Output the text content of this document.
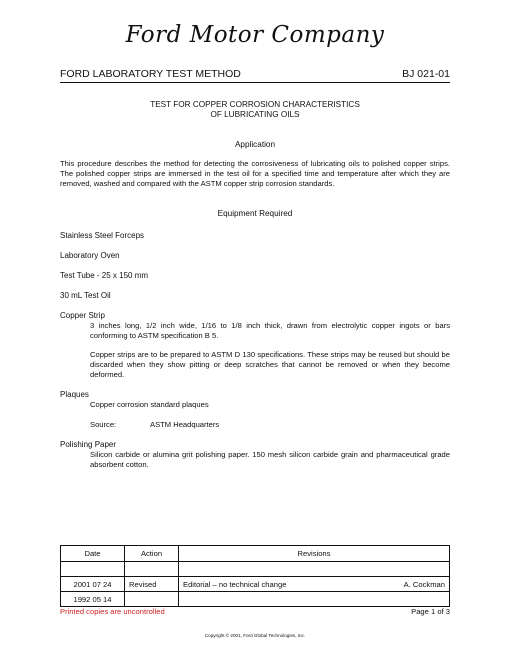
Ford Motor Company
FORD LABORATORY TEST METHOD	BJ 021-01
TEST FOR COPPER CORROSION CHARACTERISTICS
OF LUBRICATING OILS
Application
This procedure describes the method for detecting the corrosiveness of lubricating oils to polished copper strips. The polished copper strips are immersed in the test oil for a specified time and temperature after which they are removed, washed and compared with the ASTM copper strip corrosion standards.
Equipment Required
Stainless Steel Forceps
Laboratory Oven
Test Tube - 25 x 150 mm
30 mL Test Oil
Copper Strip
3 inches long, 1/2 inch wide, 1/16 to 1/8 inch thick, drawn from electrolytic copper ingots or bars conforming to ASTM specification B 5.
Copper strips are to be prepared to ASTM D 130 specifications. These strips may be reused but should be discarded when they show pitting or deep scratches that cannot be removed or when they become deformed.
Plaques
Copper corrosion standard plaques
Source:	ASTM Headquarters
Polishing Paper
Silicon carbide or alumina grit polishing paper. 150 mesh silicon carbide grain and pharmaceutical grade absorbent cotton.
Date	Action	Revisions

2001 07 24	Revised	Editorial – no technical change A. Cockman

1992 05 14		
Printed copies are uncontrolled	Page 1 of 3
Copyright © 2001, Ford Global Technologies, Inc.
